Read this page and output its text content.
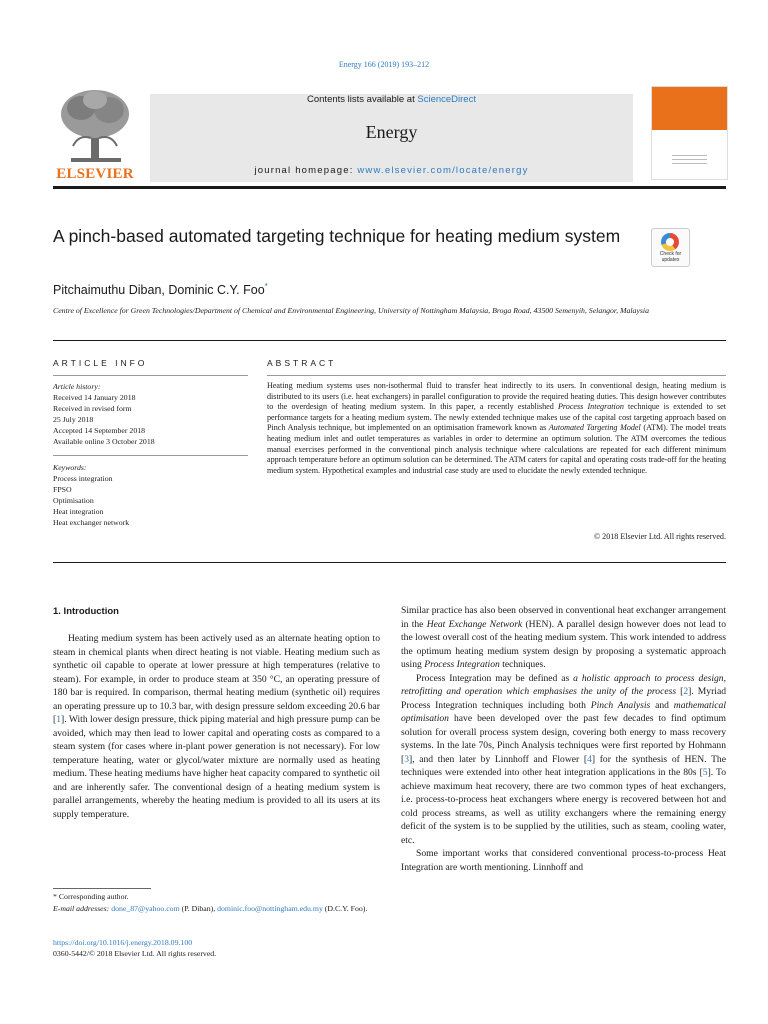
Energy 166 (2019) 193–212
ELSEVIER
Contents lists available at ScienceDirect
Energy
journal homepage: www.elsevier.com/locate/energy
A pinch-based automated targeting technique for heating medium system
Check for updates
Pitchaimuthu Diban, Dominic C.Y. Foo*
Centre of Excellence for Green Technologies/Department of Chemical and Environmental Engineering, University of Nottingham Malaysia, Broga Road, 43500 Semenyih, Selangor, Malaysia
ARTICLE INFO
Article history:
Received 14 January 2018
Received in revised form
25 July 2018
Accepted 14 September 2018
Available online 3 October 2018
Keywords:
Process integration
FPSO
Optimisation
Heat integration
Heat exchanger network
ABSTRACT
Heating medium systems uses non-isothermal fluid to transfer heat indirectly to its users. In conventional design, heating medium is distributed to its users (i.e. heat exchangers) in parallel configuration to provide the required heating duties. This design however contributes to the overdesign of heating medium system. In this paper, a recently established Process Integration technique is extended to set performance targets for a heating medium system. The newly extended technique makes use of the capital cost targeting approach based on Pinch Analysis technique, but implemented on an optimisation framework known as Automated Targeting Model (ATM). The model treats heating medium inlet and outlet temperatures as variables in order to determine an optimum solution. The ATM overcomes the tedious manual exercises performed in the conventional pinch analysis technique where calculations are repeated for each different minimum approach temperature before an optimum solution can be determined. The ATM caters for capital and operating costs trade-off for the heating medium system. Hypothetical examples and industrial case study are used to elucidate the newly extended technique.
© 2018 Elsevier Ltd. All rights reserved.
1. Introduction

Heating medium system has been actively used as an alternate heating option to steam in chemical plants when direct heating is not viable. Heating medium such as synthetic oil capable to operate at lower pressure at high temperatures (relative to steam). For example, in order to produce steam at 350 °C, an operating pressure of 180 bar is required. In comparison, thermal heating medium (synthetic oil) requires an operating pressure up to 10.3 bar, with design pressure seldom exceeding 20.6 bar [1]. With lower design pressure, thick piping material and high pressure pump can be avoided, which may then lead to lower capital and operating costs as compared to a steam system (for cases where in-plant power generation is not necessary). For low temperature heating, water or glycol/water mixture are normally used as heating medium. These heating mediums have higher heat capacity compared to synthetic oil and are inherently safer. The conventional design of a heating medium system is parallel arrangements, whereby the heating medium is provided to all its users at its supply temperature.

Similar practice has also been observed in conventional heat exchanger arrangement in the Heat Exchange Network (HEN). A parallel design however does not lead to the lowest overall cost of the heating medium system. This work intended to address the optimum heating medium system design by proposing a systematic approach using Process Integration techniques.

Process Integration may be defined as a holistic approach to process design, retrofitting and operation which emphasises the unity of the process [2]. Myriad Process Integration techniques including both Pinch Analysis and mathematical optimisation have been developed over the past few decades to find optimum solution for overall process system design, covering both energy to mass recovery systems. In the late 70s, Pinch Analysis techniques were first reported by Hohmann [3], and then later by Linnhoff and Flower [4] for the synthesis of HEN. The techniques were extended into other heat integration applications in the 80s [5]. To achieve maximum heat recovery, there are two common types of heat exchangers, i.e. process-to-process heat exchangers where energy is recovered between hot and cold process streams, as well as utility exchangers where the remaining energy deficit of the system is to be supplied by the utilities, such as steam, cooling water, etc.

Some important works that considered conventional process-to-process Heat Integration are worth mentioning. Linnhoff and

* Corresponding author.
E-mail addresses: done_87@yahoo.com (P. Diban), dominic.foo@nottingham.edu.my (D.C.Y. Foo).
https://doi.org/10.1016/j.energy.2018.09.100
0360-5442/© 2018 Elsevier Ltd. All rights reserved.
